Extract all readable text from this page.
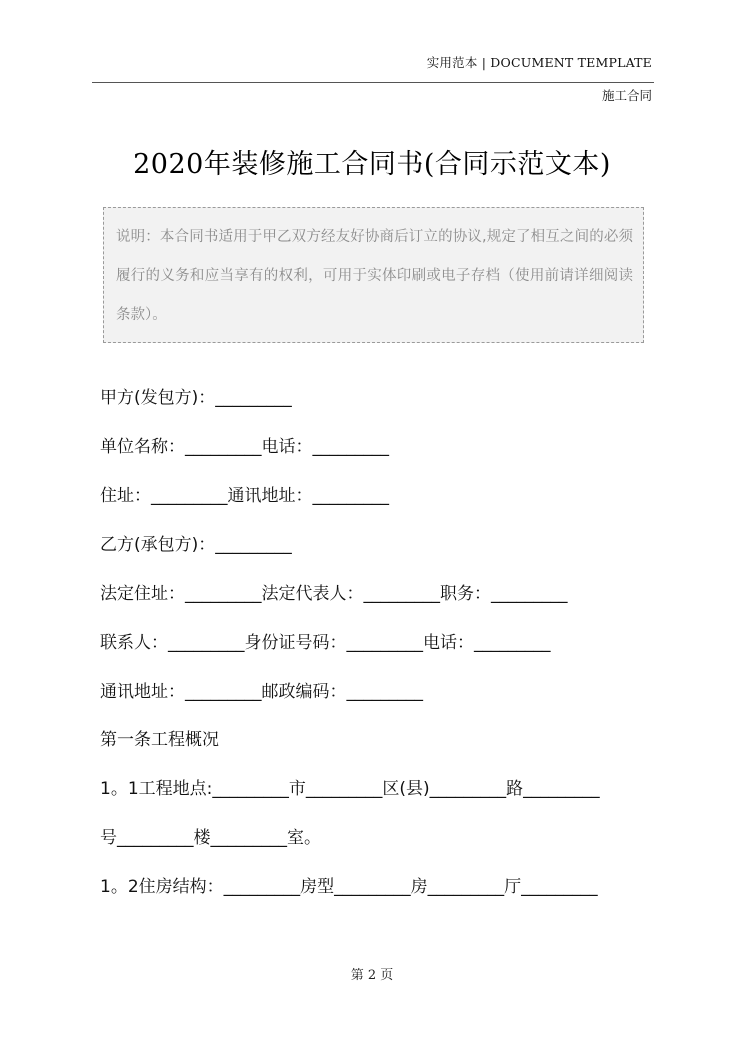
实用范本 | DOCUMENT TEMPLATE
施工合同
2020年装修施工合同书(合同示范文本)

说明：本合同书适用于甲乙双方经友好协商后订立的协议,规定了相互之间的必须履行的义务和应当享有的权利，可用于实体印刷或电子存档（使用前请详细阅读条款）。

甲方(发包方)：_________
单位名称：_________电话：_________
住址：_________通讯地址：_________
乙方(承包方)：_________
法定住址：_________法定代表人：_________职务：_________
联系人：_________身份证号码：_________电话：_________
通讯地址：_________邮政编码：_________
第一条工程概况
1。1工程地点:_________市_________区(县)_________路_________
号_________楼_________室。
1。2住房结构：_________房型_________房_________厅_________
第 2 页
